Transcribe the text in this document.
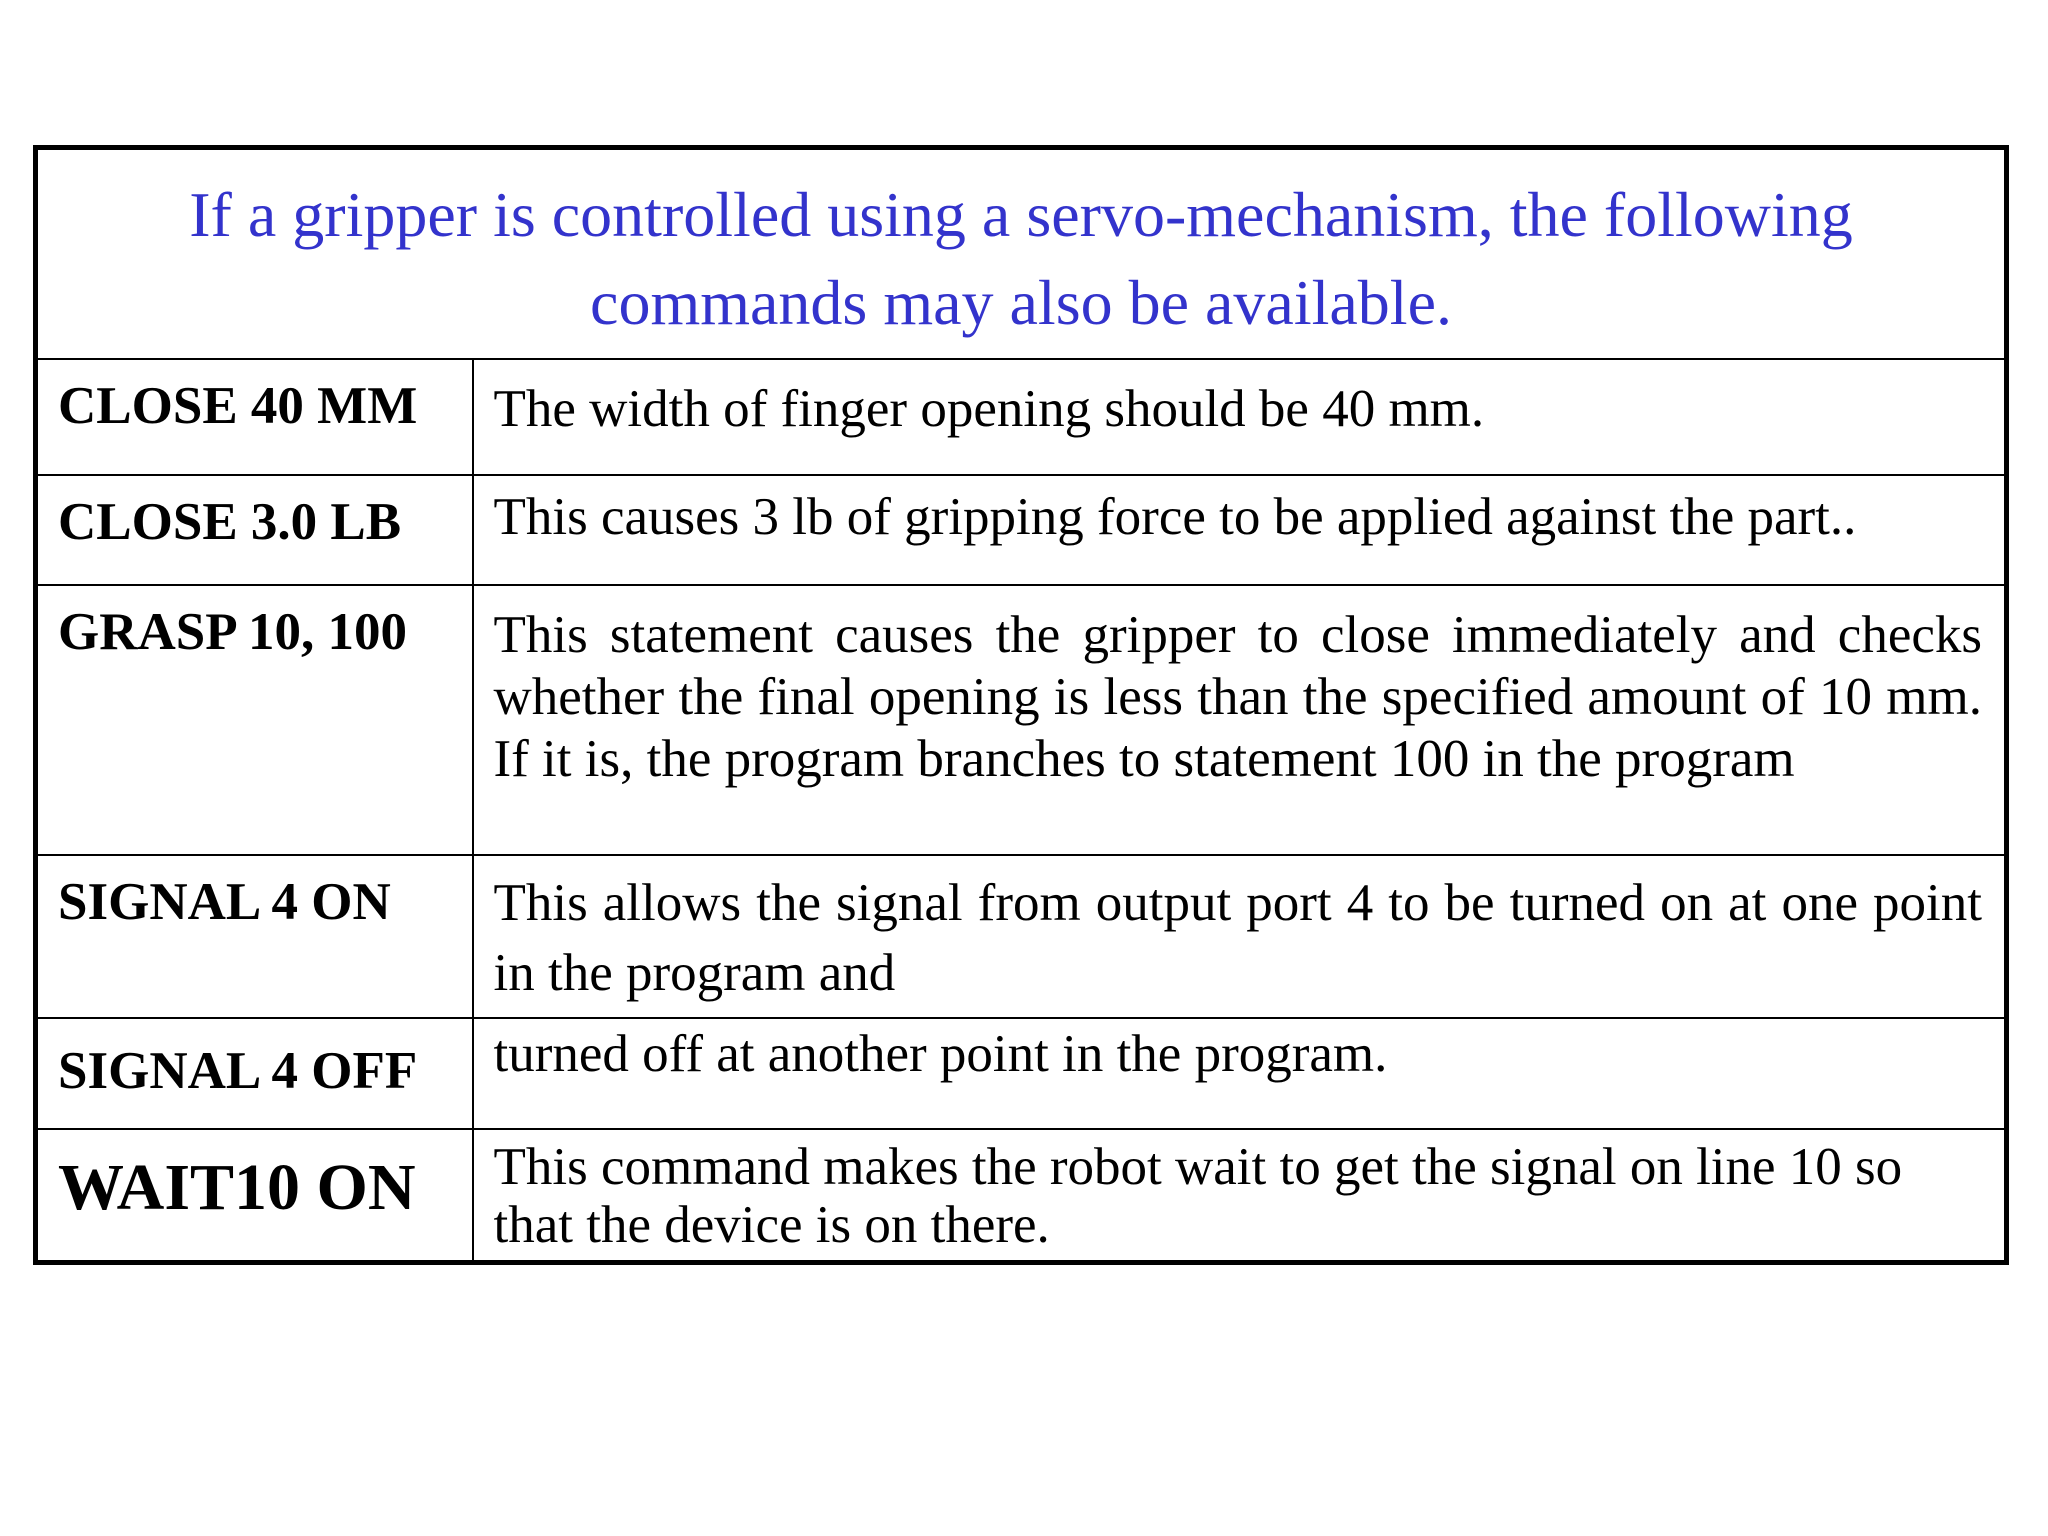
If a gripper is controlled using a servo-mechanism, the following commands may also be available.	
CLOSE 40 MM	The width of finger opening should be 40 mm.
CLOSE 3.0 LB	This causes 3 lb of gripping force to be applied against the part..
GRASP 10, 100	This statement causes the gripper to close immediately and checks whether the final opening is less than the specified amount of 10 mm. If it is, the program branches to statement 100 in the program
SIGNAL 4 ON	This allows the signal from output port 4 to be turned on at one point in the program and
SIGNAL 4 OFF	turned off at another point in the program.
WAIT10 ON	This command makes the robot wait to get the signal on line 10 so that the device is on there.
